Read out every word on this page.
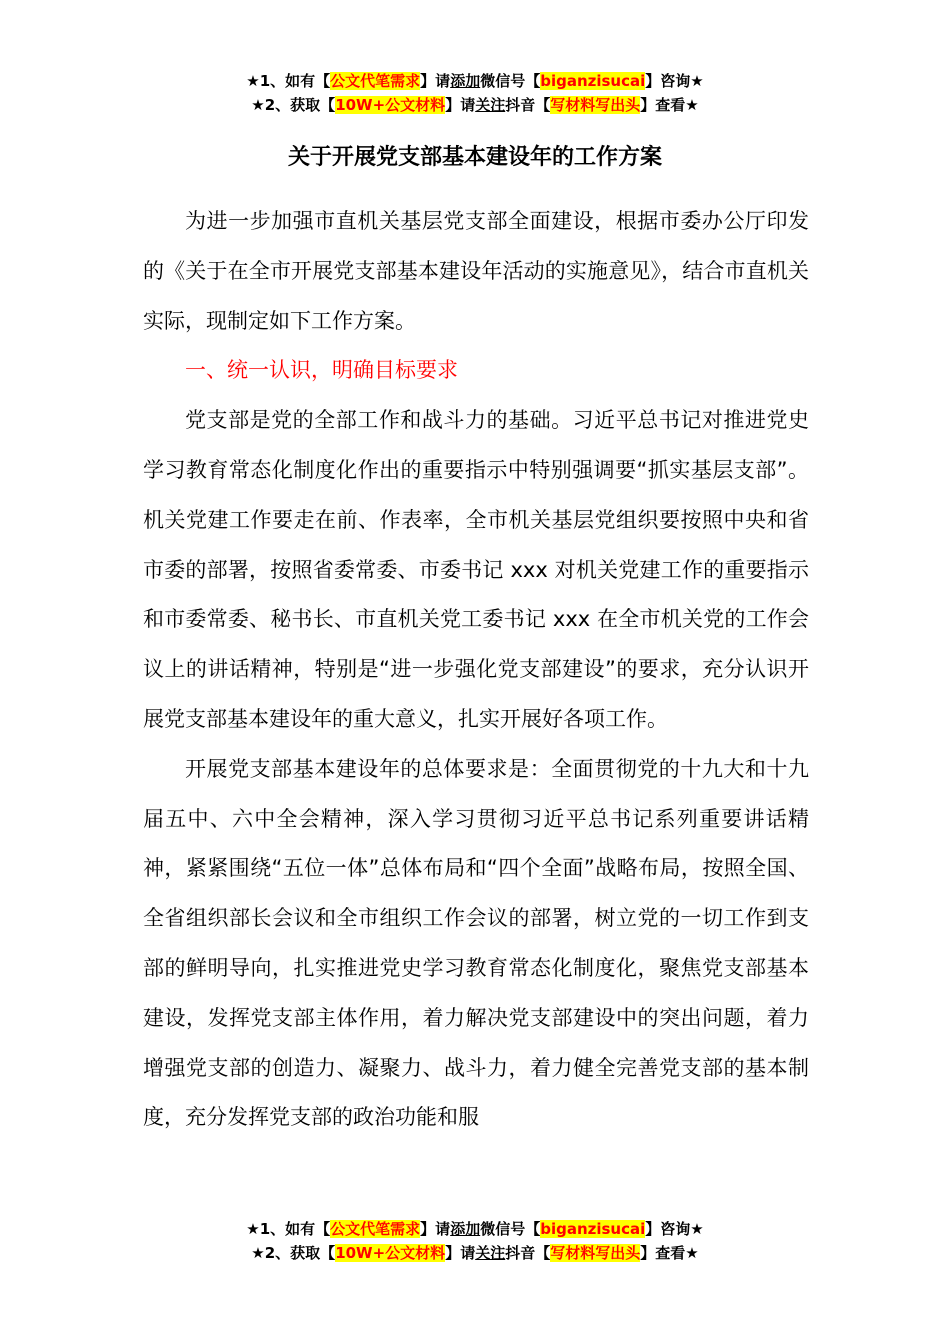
★1、如有【公文代笔需求】请添加微信号【biganzisucai】咨询★
★2、获取【10W+公文材料】请关注抖音【写材料写出头】查看★
关于开展党支部基本建设年的工作方案

为进一步加强市直机关基层党支部全面建设，根据市委办公厅印发的《关于在全市开展党支部基本建设年活动的实施意见》，结合市直机关实际，现制定如下工作方案。

一、统一认识，明确目标要求

党支部是党的全部工作和战斗力的基础。习近平总书记对推进党史学习教育常态化制度化作出的重要指示中特别强调要“抓实基层支部”。机关党建工作要走在前、作表率，全市机关基层党组织要按照中央和省市委的部署，按照省委常委、市委书记 xxx 对机关党建工作的重要指示和市委常委、秘书长、市直机关党工委书记 xxx 在全市机关党的工作会议上的讲话精神，特别是“进一步强化党支部建设”的要求，充分认识开展党支部基本建设年的重大意义，扎实开展好各项工作。

开展党支部基本建设年的总体要求是：全面贯彻党的十九大和十九届五中、六中全会精神，深入学习贯彻习近平总书记系列重要讲话精神，紧紧围绕“五位一体”总体布局和“四个全面”战略布局，按照全国、全省组织部长会议和全市组织工作会议的部署，树立党的一切工作到支部的鲜明导向，扎实推进党史学习教育常态化制度化，聚焦党支部基本建设，发挥党支部主体作用，着力解决党支部建设中的突出问题，着力增强党支部的创造力、凝聚力、战斗力，着力健全完善党支部的基本制度，充分发挥党支部的政治功能和服

★1、如有【公文代笔需求】请添加微信号【biganzisucai】咨询★
★2、获取【10W+公文材料】请关注抖音【写材料写出头】查看★
